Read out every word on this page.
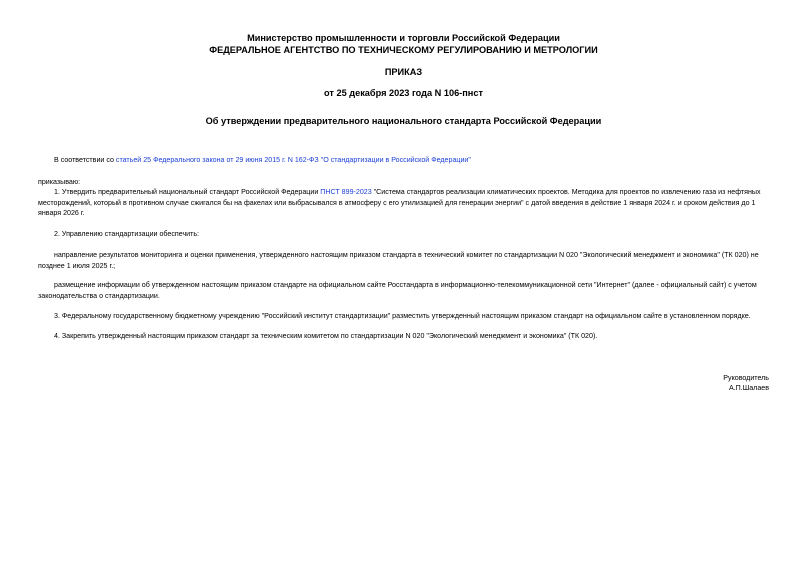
Министерство промышленности и торговли Российской Федерации
ФЕДЕРАЛЬНОЕ АГЕНТСТВО ПО ТЕХНИЧЕСКОМУ РЕГУЛИРОВАНИЮ И МЕТРОЛОГИИ
ПРИКАЗ
от 25 декабря 2023 года N 106-пнст
Об утверждении предварительного национального стандарта Российской Федерации
В соответствии со статьей 25 Федерального закона от 29 июня 2015 г. N 162-ФЗ "О стандартизации в Российской Федерации"
приказываю:
1. Утвердить предварительный национальный стандарт Российской Федерации ПНСТ 899-2023 "Система стандартов реализации климатических проектов. Методика для проектов по извлечению газа из нефтяных месторождений, который в противном случае сжигался бы на факелах или выбрасывался в атмосферу с его утилизацией для генерации энергии" с датой введения в действие 1 января 2024 г. и сроком действия до 1 января 2026 г.
2. Управлению стандартизации обеспечить:
направление результатов мониторинга и оценки применения, утвержденного настоящим приказом стандарта в технический комитет по стандартизации N 020 "Экологический менеджмент и экономика" (ТК 020) не позднее 1 июля 2025 г.;
размещение информации об утвержденном настоящим приказом стандарте на официальном сайте Росстандарта в информационно-телекоммуникационной сети "Интернет" (далее - официальный сайт) с учетом законодательства о стандартизации.
3. Федеральному государственному бюджетному учреждению "Российский институт стандартизации" разместить утвержденный настоящим приказом стандарт на официальном сайте в установленном порядке.
4. Закрепить утвержденный настоящим приказом стандарт за техническим комитетом по стандартизации N 020 "Экологический менеджмент и экономика" (ТК 020).
Руководитель
А.П.Шалаев
